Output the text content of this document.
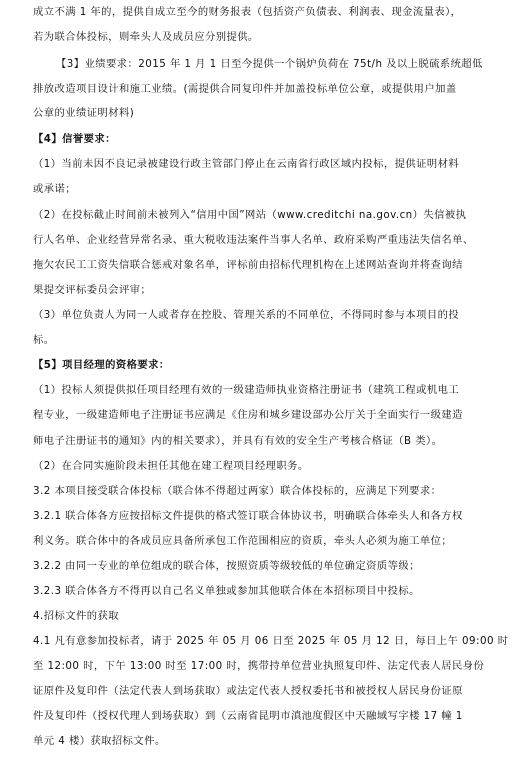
成立不满 1 年的，提供自成立至今的财务报表（包括资产负债表、利润表、现金流量表），
若为联合体投标，则牵头人及成员应分别提供。
【3】业绩要求：2015 年 1 月 1 日至今提供一个锅炉负荷在 75t/h 及以上脱硫系统超低
排放改造项目设计和施工业绩。(需提供合同复印件并加盖投标单位公章，或提供用户加盖
公章的业绩证明材料)
【4】信誉要求：
（1）当前未因不良记录被建设行政主管部门停止在云南省行政区域内投标，提供证明材料
或承诺；
（2）在投标截止时间前未被列入“信用中国”网站（www.creditchi na.gov.cn）失信被执
行人名单、企业经营异常名录、重大税收违法案件当事人名单、政府采购严重违法失信名单、
拖欠农民工工资失信联合惩戒对象名单，评标前由招标代理机构在上述网站查询并将查询结
果提交评标委员会评审；
（3）单位负责人为同一人或者存在控股、管理关系的不同单位，不得同时参与本项目的投
标。
【5】项目经理的资格要求：
（1）投标人须提供拟任项目经理有效的一级建造师执业资格注册证书（建筑工程或机电工
程专业，一级建造师电子注册证书应满足《住房和城乡建设部办公厅关于全面实行一级建造
师电子注册证书的通知》内的相关要求），并具有有效的安全生产考核合格证（B 类）。
（2）在合同实施阶段未担任其他在建工程项目经理职务。
3.2 本项目接受联合体投标（联合体不得超过两家）联合体投标的，应满足下列要求：
3.2.1 联合体各方应按招标文件提供的格式签订联合体协议书，明确联合体牵头人和各方权
利义务。联合体中的各成员应具备所承包工作范围相应的资质，牵头人必须为施工单位；
3.2.2 由同一专业的单位组成的联合体，按照资质等级较低的单位确定资质等级；
3.2.3 联合体各方不得再以自己名义单独或参加其他联合体在本招标项目中投标。
4.招标文件的获取
4.1 凡有意参加投标者，请于 2025 年 05 月 06 日至 2025 年 05 月 12 日，每日上午 09:00 时
至 12:00 时，下午 13:00 时至 17:00 时，携带持单位营业执照复印件、法定代表人居民身份
证原件及复印件（法定代表人到场获取）或法定代表人授权委托书和被授权人居民身份证原
件及复印件（授权代理人到场获取）到（云南省昆明市滇池度假区中天融域写字楼 17 幢 1
单元 4 楼）获取招标文件。
